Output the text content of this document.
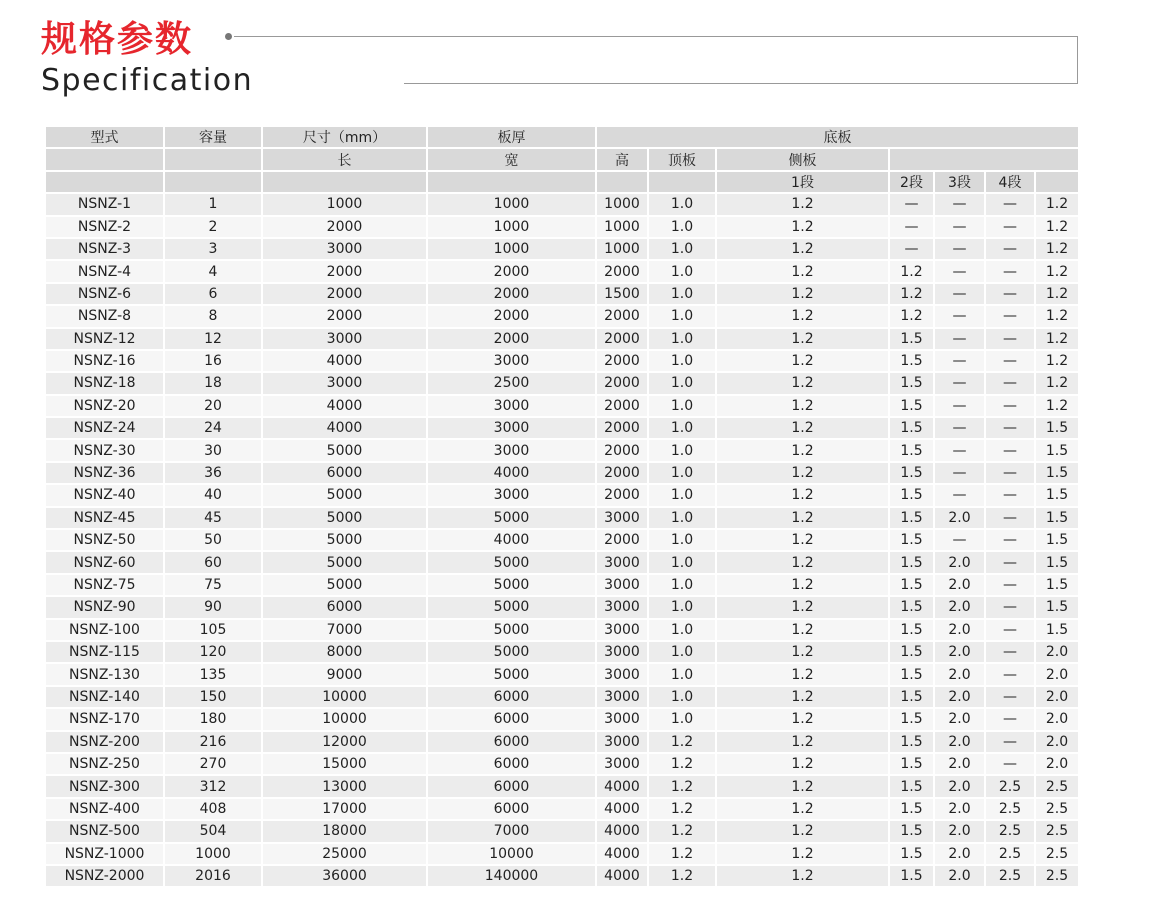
规格参数
Specification
型式	容量	尺寸（mm）	板厚	底板						
		长	宽	高	顶板	侧板				
						1段	2段	3段	4段	
NSNZ-1	1	1000	1000	1000	1.0	1.2	—	—	—	1.2
NSNZ-2	2	2000	1000	1000	1.0	1.2	—	—	—	1.2
NSNZ-3	3	3000	1000	1000	1.0	1.2	—	—	—	1.2
NSNZ-4	4	2000	2000	2000	1.0	1.2	1.2	—	—	1.2
NSNZ-6	6	2000	2000	1500	1.0	1.2	1.2	—	—	1.2
NSNZ-8	8	2000	2000	2000	1.0	1.2	1.2	—	—	1.2
NSNZ-12	12	3000	2000	2000	1.0	1.2	1.5	—	—	1.2
NSNZ-16	16	4000	3000	2000	1.0	1.2	1.5	—	—	1.2
NSNZ-18	18	3000	2500	2000	1.0	1.2	1.5	—	—	1.2
NSNZ-20	20	4000	3000	2000	1.0	1.2	1.5	—	—	1.2
NSNZ-24	24	4000	3000	2000	1.0	1.2	1.5	—	—	1.5
NSNZ-30	30	5000	3000	2000	1.0	1.2	1.5	—	—	1.5
NSNZ-36	36	6000	4000	2000	1.0	1.2	1.5	—	—	1.5
NSNZ-40	40	5000	3000	2000	1.0	1.2	1.5	—	—	1.5
NSNZ-45	45	5000	5000	3000	1.0	1.2	1.5	2.0	—	1.5
NSNZ-50	50	5000	4000	2000	1.0	1.2	1.5	—	—	1.5
NSNZ-60	60	5000	5000	3000	1.0	1.2	1.5	2.0	—	1.5
NSNZ-75	75	5000	5000	3000	1.0	1.2	1.5	2.0	—	1.5
NSNZ-90	90	6000	5000	3000	1.0	1.2	1.5	2.0	—	1.5
NSNZ-100	105	7000	5000	3000	1.0	1.2	1.5	2.0	—	1.5
NSNZ-115	120	8000	5000	3000	1.0	1.2	1.5	2.0	—	2.0
NSNZ-130	135	9000	5000	3000	1.0	1.2	1.5	2.0	—	2.0
NSNZ-140	150	10000	6000	3000	1.0	1.2	1.5	2.0	—	2.0
NSNZ-170	180	10000	6000	3000	1.0	1.2	1.5	2.0	—	2.0
NSNZ-200	216	12000	6000	3000	1.2	1.2	1.5	2.0	—	2.0
NSNZ-250	270	15000	6000	3000	1.2	1.2	1.5	2.0	—	2.0
NSNZ-300	312	13000	6000	4000	1.2	1.2	1.5	2.0	2.5	2.5
NSNZ-400	408	17000	6000	4000	1.2	1.2	1.5	2.0	2.5	2.5
NSNZ-500	504	18000	7000	4000	1.2	1.2	1.5	2.0	2.5	2.5
NSNZ-1000	1000	25000	10000	4000	1.2	1.2	1.5	2.0	2.5	2.5
NSNZ-2000	2016	36000	140000	4000	1.2	1.2	1.5	2.0	2.5	2.5
